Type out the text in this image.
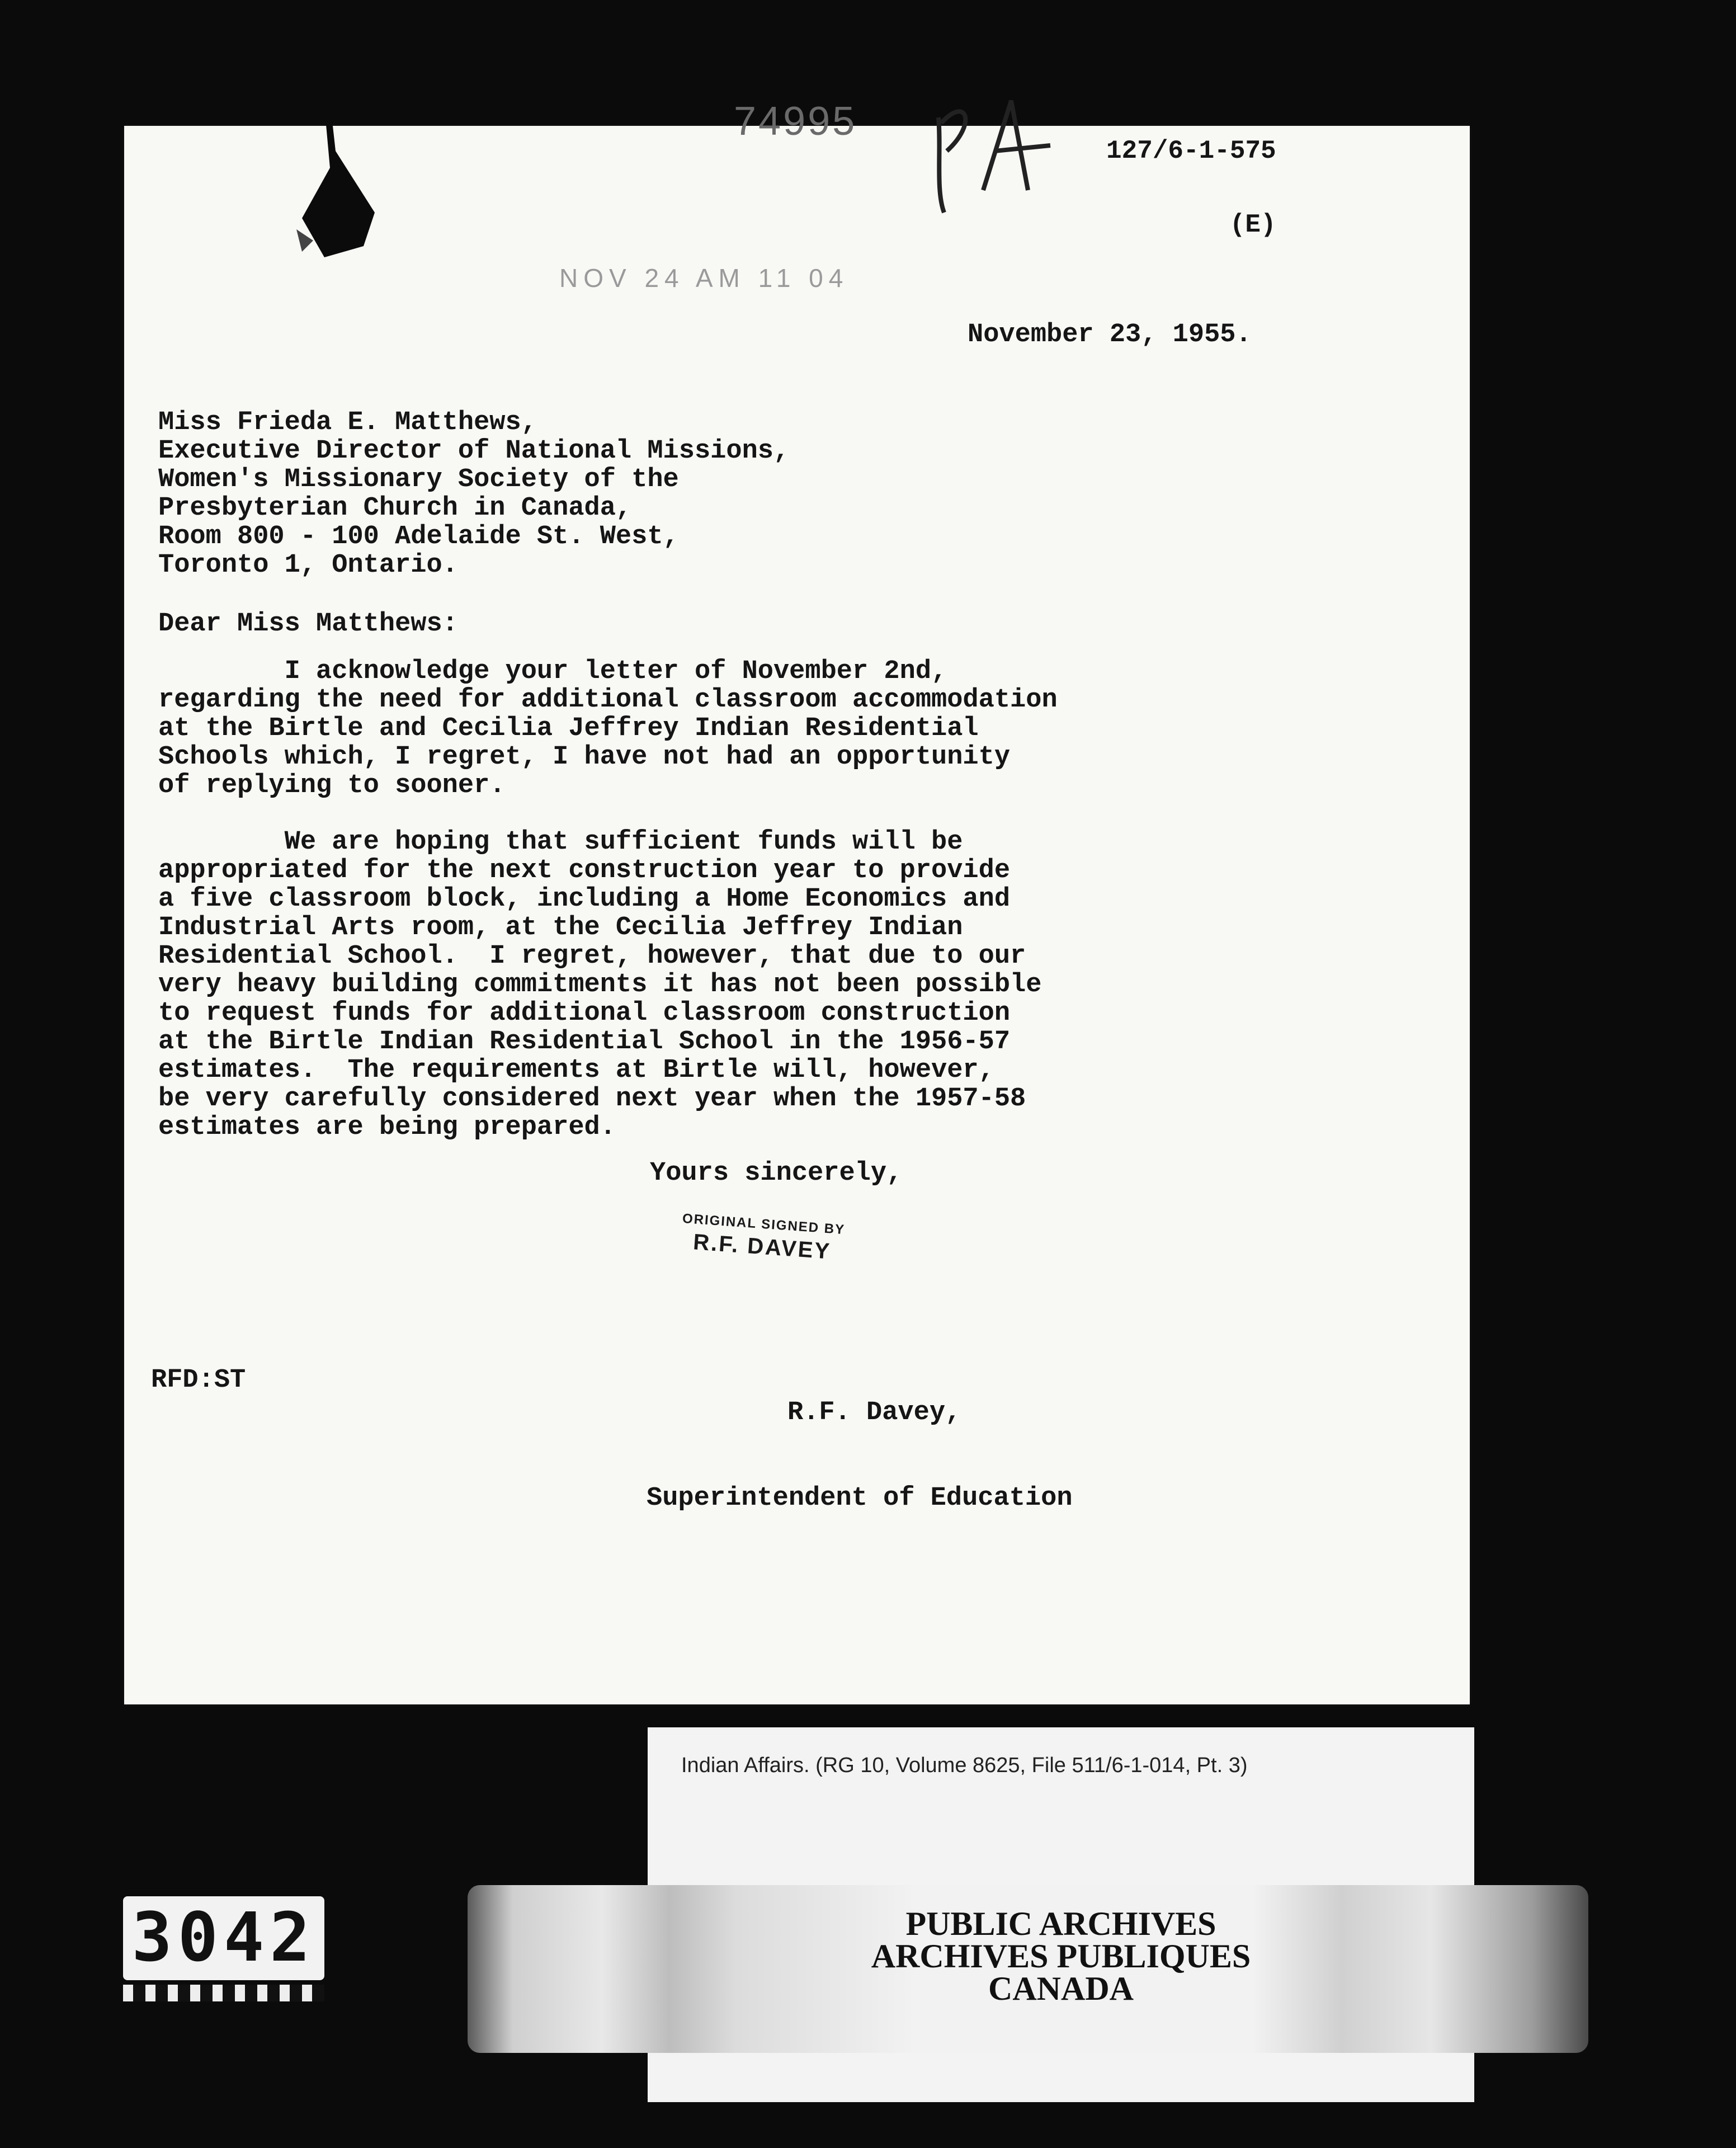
74995

127/6-1-575

(E)

NOV 24 AM 11 04
November 23, 1955.
Miss Frieda E. Matthews,
Executive Director of National Missions,
Women's Missionary Society of the
Presbyterian Church in Canada,
Room 800 - 100 Adelaide St. West,
Toronto 1, Ontario.
Dear Miss Matthews:
I acknowledge your letter of November 2nd,
regarding the need for additional classroom accommodation
at the Birtle and Cecilia Jeffrey Indian Residential
Schools which, I regret, I have not had an opportunity
of replying to sooner.
We are hoping that sufficient funds will be
appropriated for the next construction year to provide
a five classroom block, including a Home Economics and
Industrial Arts room, at the Cecilia Jeffrey Indian
Residential School.  I regret, however, that due to our
very heavy building commitments it has not been possible
to request funds for additional classroom construction
at the Birtle Indian Residential School in the 1956-57
estimates.  The requirements at Birtle will, however,
be very carefully considered next year when the 1957-58
estimates are being prepared.
Yours sincerely,
ORIGINAL SIGNED BY
R.F. DAVEY

R.F. Davey,

Superintendent of Education

RFD:ST
Indian Affairs. (RG 10, Volume 8625, File 511/6-1-014, Pt. 3)
PUBLIC ARCHIVES
ARCHIVES PUBLIQUES
CANADA
3042
